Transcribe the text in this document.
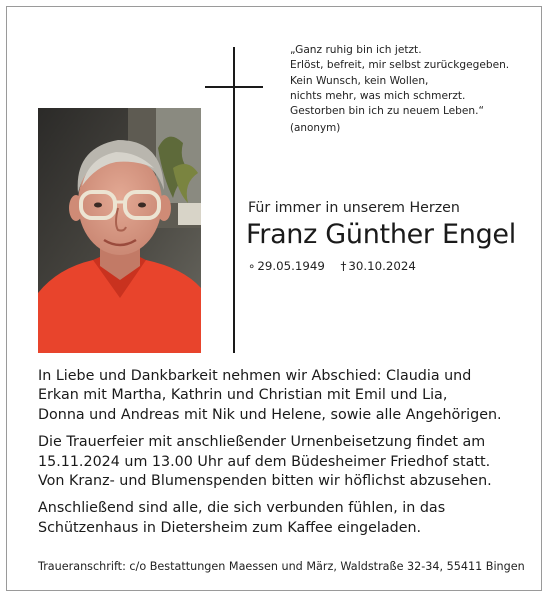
„Ganz ruhig bin ich jetzt.
Erlöst, befreit, mir selbst zurückgegeben.
Kein Wunsch, kein Wollen,
nichts mehr, was mich schmerzt.
Gestorben bin ich zu neuem Leben.“
(anonym)
Für immer in unserem Herzen
Franz Günther Engel
∘ 29.05.1949 † 30.10.2024

In Liebe und Dankbarkeit nehmen wir Abschied: Claudia und
Erkan mit Martha, Kathrin und Christian mit Emil und Lia,
Donna und Andreas mit Nik und Helene, sowie alle Angehörigen.

Die Trauerfeier mit anschließender Urnenbeisetzung findet am
15.11.2024 um 13.00 Uhr auf dem Büdesheimer Friedhof statt.
Von Kranz- und Blumenspenden bitten wir höflichst abzusehen.

Anschließend sind alle, die sich verbunden fühlen, in das
Schützenhaus in Dietersheim zum Kaffee eingeladen.

Traueranschrift: c/o Bestattungen Maessen und März, Waldstraße 32-34, 55411 Bingen
